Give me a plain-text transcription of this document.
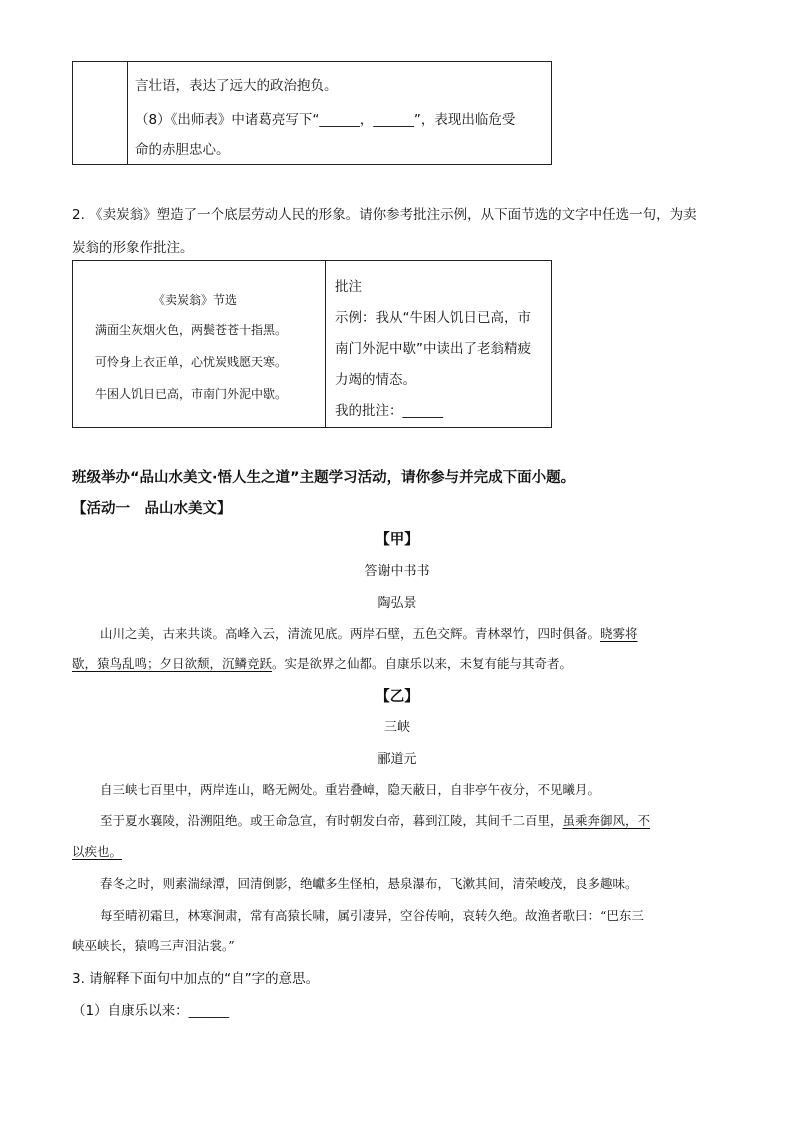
言壮语，表达了远大的政治抱负。
（8）《出师表》中诸葛亮写下“______，______”，表现出临危受
命的赤胆忠心。
2. 《卖炭翁》塑造了一个底层劳动人民的形象。请你参考批注示例，从下面节选的文字中任选一句，为卖
炭翁的形象作批注。
《卖炭翁》节选
满面尘灰烟火色，两鬓苍苍十指黑。
可怜身上衣正单，心忧炭贱愿天寒。
牛困人饥日已高，市南门外泥中歇。
批注
示例：我从“牛困人饥日已高，市
南门外泥中歇”中读出了老翁精疲
力竭的情态。
我的批注：______
班级举办“品山水美文·悟人生之道”主题学习活动，请你参与并完成下面小题。
【活动一　品山水美文】
【甲】
答谢中书书
陶弘景
山川之美，古来共谈。高峰入云，清流见底。两岸石壁，五色交辉。青林翠竹，四时俱备。晓雾将
歇，猿鸟乱鸣；夕日欲颓，沉鳞竞跃。实是欲界之仙都。自康乐以来，未复有能与其奇者。
【乙】
三峡
郦道元
自三峡七百里中，两岸连山，略无阙处。重岩叠嶂，隐天蔽日，自非亭午夜分，不见曦月。
至于夏水襄陵，沿溯阻绝。或王命急宣，有时朝发白帝，暮到江陵，其间千二百里，虽乘奔御风，不
以疾也。
春冬之时，则素湍绿潭，回清倒影，绝巘多生怪柏，悬泉瀑布，飞漱其间，清荣峻茂，良多趣味。
每至晴初霜旦，林寒涧肃，常有高猿长啸，属引凄异，空谷传响，哀转久绝。故渔者歌曰：“巴东三
峡巫峡长，猿鸣三声泪沾裳。”
3. 请解释下面句中加点的“自”字的意思。
（1）自康乐以来：______
